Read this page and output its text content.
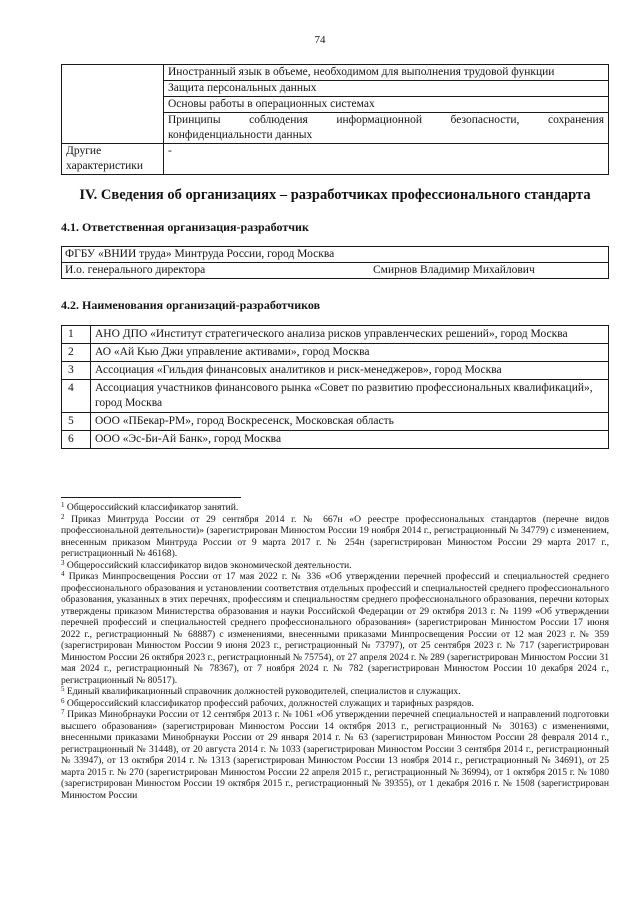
74
	Иностранный язык в объеме, необходимом для выполнения трудовой функции
	Защита персональных данных
	Основы работы в операционных системах

	Принципы соблюдения информационной безопасности, сохранения
конфиденциальности данных

Другие характеристики	-
IV. Сведения об организациях – разработчиках профессионального стандарта
4.1. Ответственная организация-разработчик
ФГБУ «ВНИИ труда» Минтруда России, город Москва
И.о. генерального директора	Смирнов Владимир Михайлович
4.2. Наименования организаций-разработчиков
1	АНО ДПО «Институт стратегического анализа рисков управленческих решений», город Москва
2	АО «Ай Кью Джи управление активами», город Москва
3	Ассоциация «Гильдия финансовых аналитиков и риск-менеджеров», город Москва
4	Ассоциация участников финансового рынка «Совет по развитию профессиональных квалификаций», город Москва
5	ООО «ПБекар-РМ», город Воскресенск, Московская область
6	ООО «Эс-Би-Ай Банк», город Москва

$^1$ Общероссийский классификатор занятий.

$^2$ Приказ Минтруда России от 29 сентября 2014 г. № 667н «О реестре профессиональных стандартов (перечне видов профессиональной деятельности)» (зарегистрирован Минюстом России 19 ноября 2014 г., регистрационный № 34779) с изменением, внесенным приказом Минтруда России от 9 марта 2017 г. № 254н (зарегистрирован Минюстом России 29 марта 2017 г., регистрационный № 46168).

$^3$ Общероссийский классификатор видов экономической деятельности.

$^4$ Приказ Минпросвещения России от 17 мая 2022 г. № 336 «Об утверждении перечней профессий и специальностей среднего профессионального образования и установлении соответствия отдельных профессий и специальностей среднего профессионального образования, указанных в этих перечнях, профессиям и специальностям среднего профессионального образования, перечни которых утверждены приказом Министерства образования и науки Российской Федерации от 29 октября 2013 г. № 1199 «Об утверждении перечней профессий и специальностей среднего профессионального образования» (зарегистрирован Минюстом России 17 июня 2022 г., регистрационный № 68887) с изменениями, внесенными приказами Минпросвещения России от 12 мая 2023 г. № 359 (зарегистрирован Минюстом России 9 июня 2023 г., регистрационный № 73797), от 25 сентября 2023 г. № 717 (зарегистрирован Минюстом России 26 октября 2023 г., регистрационный № 75754), от 27 апреля 2024 г. № 289 (зарегистрирован Минюстом России 31 мая 2024 г., регистрационный № 78367), от 7 ноября 2024 г. № 782 (зарегистрирован Минюстом России 10 декабря 2024 г., регистрационный № 80517).

$^5$ Единый квалификационный справочник должностей руководителей, специалистов и служащих.

$^6$ Общероссийский классификатор профессий рабочих, должностей служащих и тарифных разрядов.

$^7$ Приказ Минобрнауки России от 12 сентября 2013 г. № 1061 «Об утверждении перечней специальностей и направлений подготовки высшего образования» (зарегистрирован Минюстом России 14 октября 2013 г., регистрационный № 30163) с изменениями, внесенными приказами Минобрнауки России от 29 января 2014 г. № 63 (зарегистрирован Минюстом России 28 февраля 2014 г., регистрационный № 31448), от 20 августа 2014 г. № 1033 (зарегистрирован Минюстом России 3 сентября 2014 г., регистрационный № 33947), от 13 октября 2014 г. № 1313 (зарегистрирован Минюстом России 13 ноября 2014 г., регистрационный № 34691), от 25 марта 2015 г. № 270 (зарегистрирован Минюстом России 22 апреля 2015 г., регистрационный № 36994), от 1 октября 2015 г. № 1080 (зарегистрирован Минюстом России 19 октября 2015 г., регистрационный № 39355), от 1 декабря 2016 г. № 1508 (зарегистрирован Минюстом России
